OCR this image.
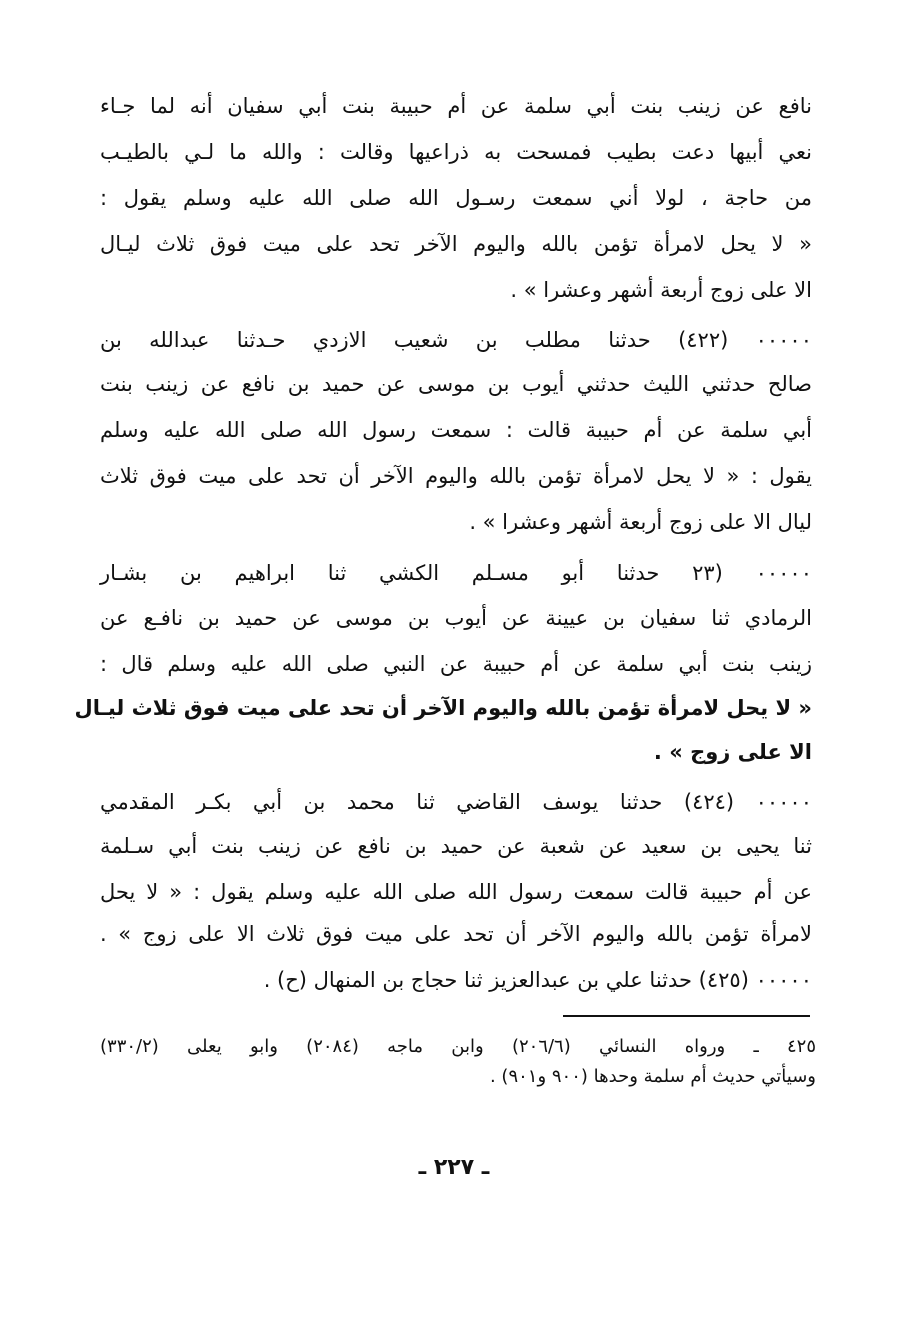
نافع عن زينب بنت أبي سلمة عن أم حبيبة بنت أبي سفيان أنه لما جـاء
نعي أبيها دعت بطيب فمسحت به ذراعيها وقالت : والله ما لـي بالطيـب
من حاجة ، لولا أني سمعت رسـول الله صلى الله عليه وسلم يقول :
« لا يحل لامرأة تؤمن بالله واليوم الآخر تحد على ميت فوق ثلاث ليـال
الا على زوج أربعة أشهر وعشرا » .
۰۰۰۰۰ (٤٢٢) حدثنا مطلب بن شعيب الازدي حـدثنا عبدالله بن
صالح حدثني الليث حدثني أيوب بن موسى عن حميد بن نافع عن زينب بنت
أبي سلمة عن أم حبيبة قالت : سمعت رسول الله صلى الله عليه وسلم
يقول : « لا يحل لامرأة تؤمن بالله واليوم الآخر أن تحد على ميت فوق ثلاث
ليال الا على زوج أربعة أشهر وعشرا » .
۰۰۰۰۰ (٢٣ حدثنا أبو مسـلم الكشي ثنا ابراهيم بن بشـار
الرمادي ثنا سفيان بن عيينة عن أيوب بن موسى عن حميد بن نافـع عن
زينب بنت أبي سلمة عن أم حبيبة عن النبي صلى الله عليه وسلم قال :
« لا يحل لامرأة تؤمن بالله واليوم الآخر أن تحد على ميت فوق ثلاث ليـال
الا على زوج » .
۰۰۰۰۰ (٤٢٤) حدثنا يوسف القاضي ثنا محمد بن أبي بكـر المقدمي
ثنا يحيى بن سعيد عن شعبة عن حميد بن نافع عن زينب بنت أبي سـلمة
عن أم حبيبة قالت سمعت رسول الله صلى الله عليه وسلم يقول : « لا يحل
لامرأة تؤمن بالله واليوم الآخر أن تحد على ميت فوق ثلاث الا على زوج » .
۰۰۰۰۰ (٤٢٥) حدثنا علي بن عبدالعزيز ثنا حجاج بن المنهال (ح) .
٤٢٥ ـ ورواه النسائي (٢٠٦/٦) وابن ماجه (٢٠٨٤) وابو يعلى (٣٣٠/٢)
وسيأتي حديث أم سلمة وحدها (٩٠٠ و٩٠١) .
ـ ٢٢٧ ـ
